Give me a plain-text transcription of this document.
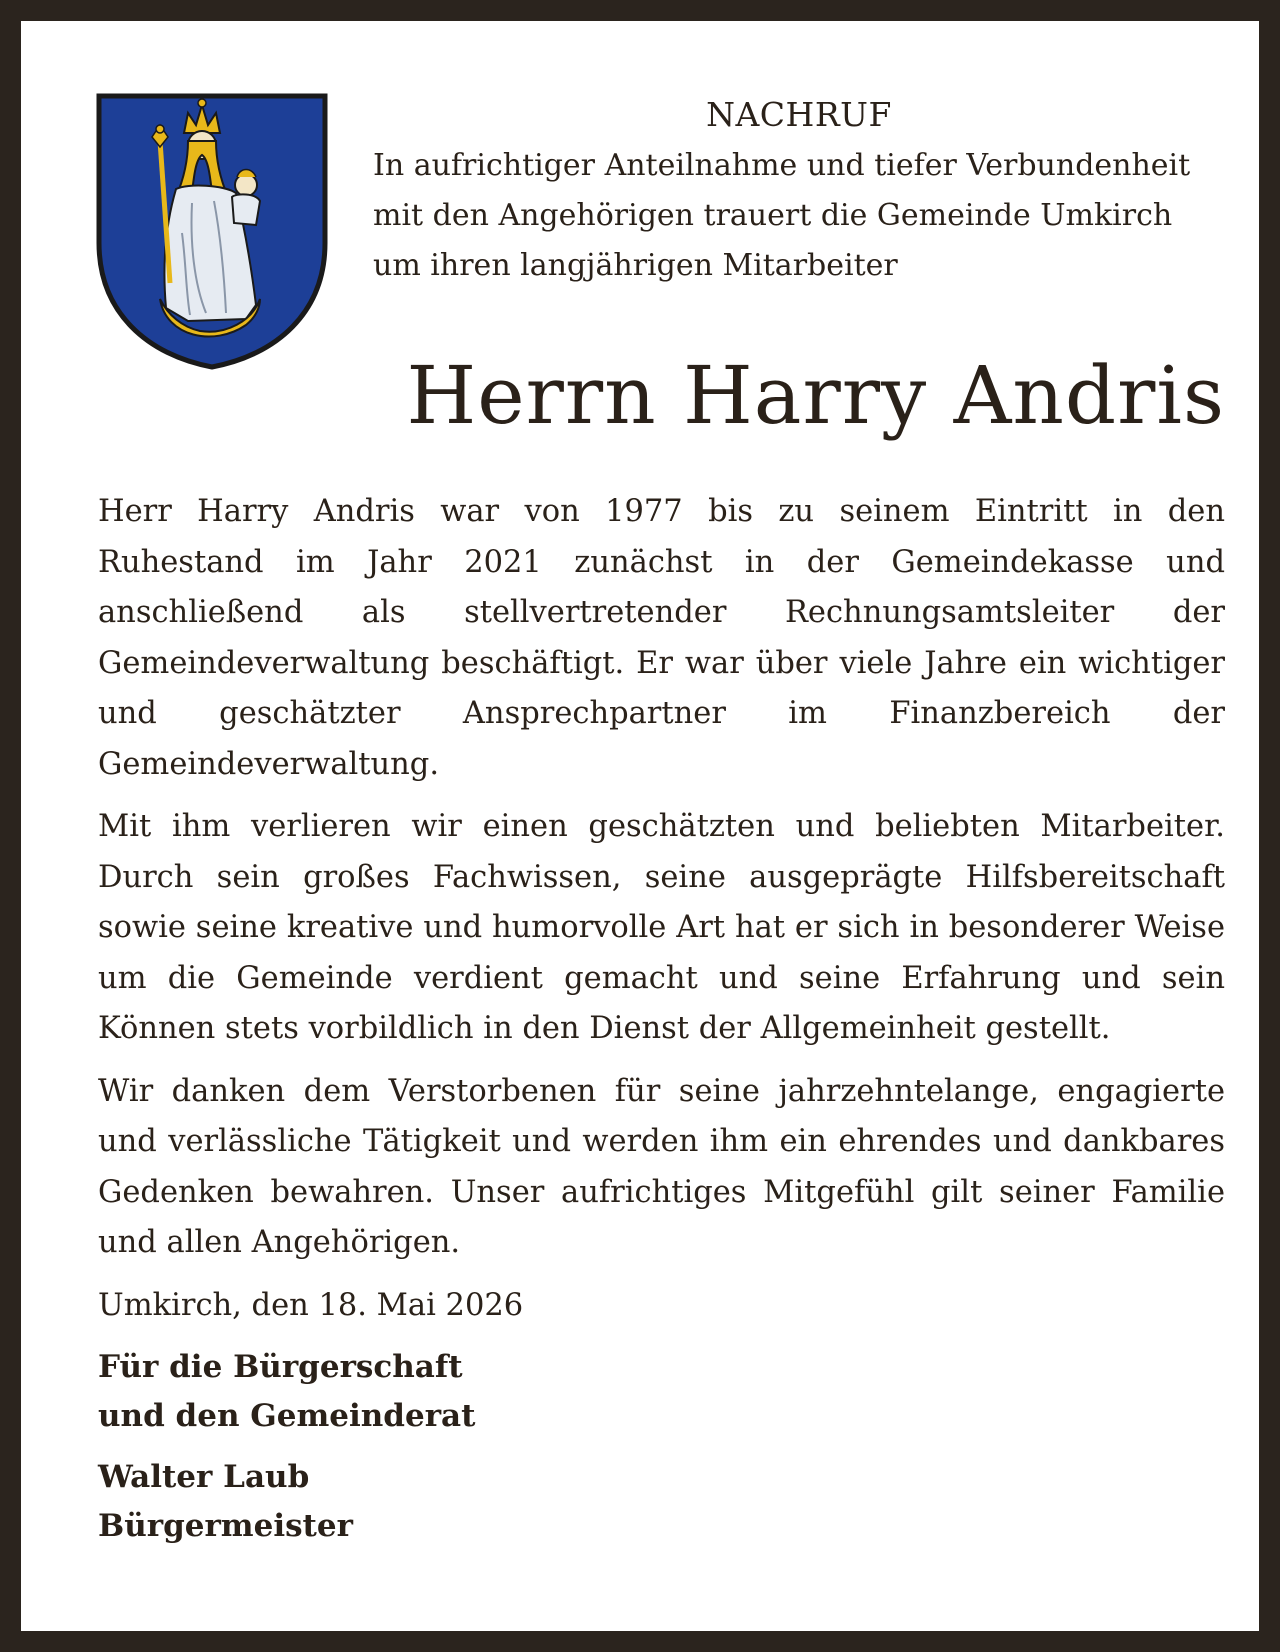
NACHRUF

In aufrichtiger Anteilnahme und tiefer Verbundenheit
mit den Angehörigen trauert die Gemeinde Umkirch
um ihren langjährigen Mitarbeiter

Herrn Harry Andris

Herr Harry Andris war von 1977 bis zu seinem Eintritt in den Ruhestand im Jahr 2021 zunächst in der Gemeindekasse und anschließend als stellvertretender Rechnungsamtsleiter der Gemeindeverwaltung beschäftigt. Er war über viele Jahre ein wichtiger und geschätzter Ansprechpartner im Finanzbereich der Gemeindeverwaltung.

Mit ihm verlieren wir einen geschätzten und beliebten Mitarbeiter. Durch sein großes Fachwissen, seine ausgeprägte Hilfsbereitschaft sowie seine kreative und humorvolle Art hat er sich in besonderer Weise um die Gemeinde verdient gemacht und seine Erfahrung und sein Können stets vorbildlich in den Dienst der Allgemeinheit gestellt.

Wir danken dem Verstorbenen für seine jahrzehntelange, engagierte und verlässliche Tätigkeit und werden ihm ein ehrendes und dankbares Gedenken bewahren. Unser aufrichtiges Mitgefühl gilt seiner Familie und allen Angehörigen.

Umkirch, den 18. Mai 2026
Für die Bürgerschaft
und den Gemeinderat
Walter Laub
Bürgermeister
